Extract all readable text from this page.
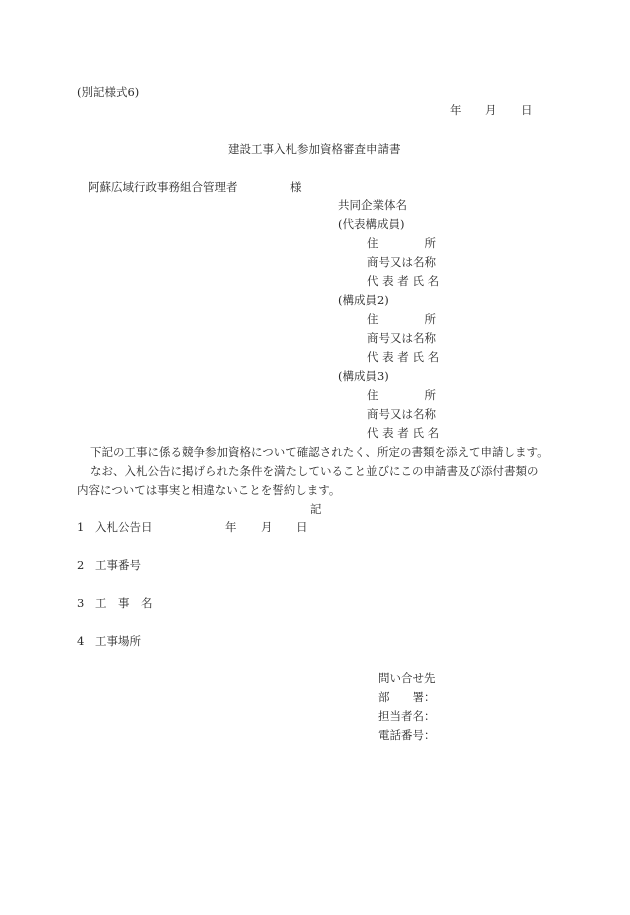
(別記様式6)
年 月 日
建設工事入札参加資格審査申請書
阿蘇広域行政事務組合管理者	様
共同企業体名
(代表構成員)
住　　　　所
商号又は名称
代 表 者 氏 名
(構成員2)
住　　　　所
商号又は名称
代 表 者 氏 名
(構成員3)
住　　　　所
商号又は名称
代 表 者 氏 名
下記の工事に係る競争参加資格について確認されたく、所定の書類を添えて申請します。
なお、入札公告に掲げられた条件を満たしていること並びにこの申請書及び添付書類の
内容については事実と相違ないことを誓約します。
記
1 入札公告日	年 月 日
2 工事番号
3 工　事　名
4 工事場所
問い合せ先
部　　署：
担当者名：
電話番号：
